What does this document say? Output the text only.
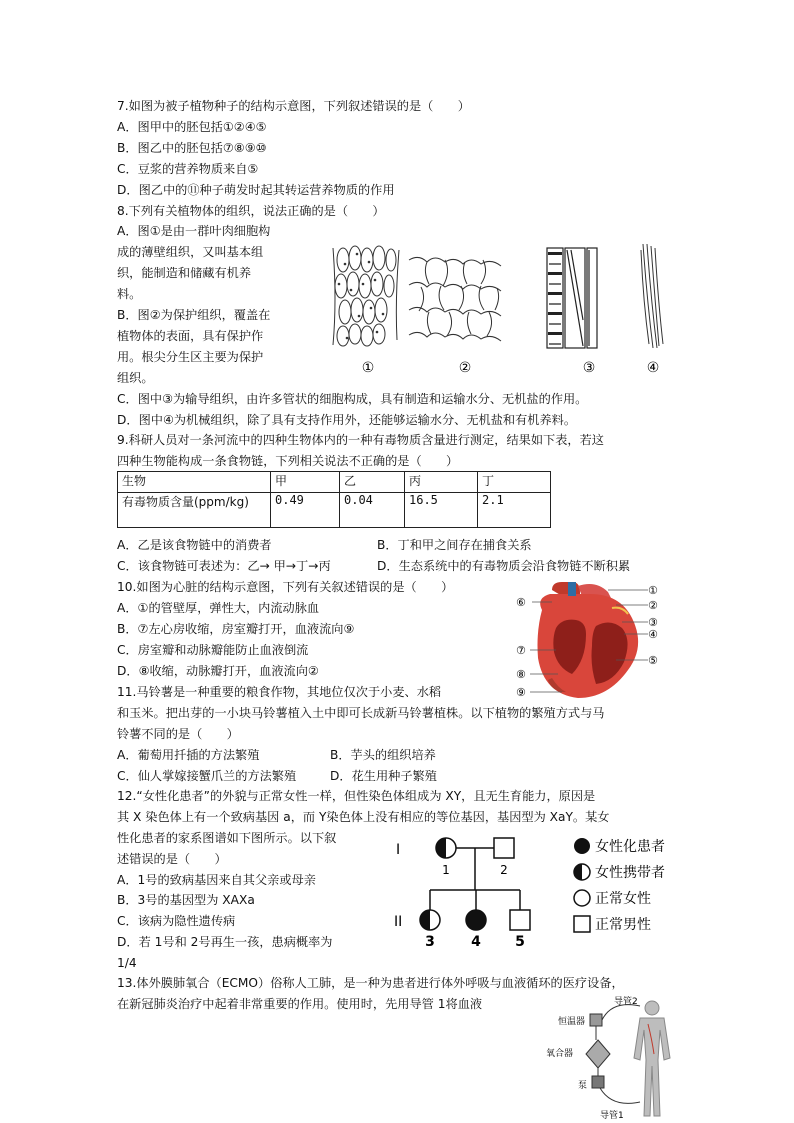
7.如图为被子植物种子的结构示意图，下列叙述错误的是（　　）
A．图甲中的胚包括①②④⑤
B．图乙中的胚包括⑦⑧⑨⑩
C．豆浆的营养物质来自⑤
D．图乙中的⑪种子萌发时起其转运营养物质的作用
8.下列有关植物体的组织，说法正确的是（　　）
A．图①是由一群叶肉细胞构
成的薄壁组织，又叫基本组
织，能制造和储藏有机养
料。
B．图②为保护组织，覆盖在
植物体的表面，具有保护作
用。根尖分生区主要为保护
组织。
①	②	③	④
C．图中③为输导组织，由许多管状的细胞构成，具有制造和运输水分、无机盐的作用。
D．图中④为机械组织，除了具有支持作用外，还能够运输水分、无机盐和有机养料。
9.科研人员对一条河流中的四种生物体内的一种有毒物质含量进行测定，结果如下表，若这
四种生物能构成一条食物链，下列相关说法不正确的是（　　）
生物	甲	乙	丙	丁
有毒物质含量(ppm/kg)	0.49	0.04	16.5	2.1
A．乙是该食物链中的消费者	B．丁和甲之间存在捕食关系
C．该食物链可表述为：乙→ 甲→丁→丙	D．生态系统中的有毒物质会沿食物链不断积累
10.如图为心脏的结构示意图，下列有关叙述错误的是（　　）
A．①的管壁厚，弹性大，内流动脉血
B．⑦左心房收缩，房室瓣打开，血液流向⑨
C．房室瓣和动脉瓣能防止血液倒流
D．⑧收缩，动脉瓣打开，血液流向②
①
②
③
④
⑤
⑥
⑦
⑧
⑨
11.马铃薯是一种重要的粮食作物，其地位仅次于小麦、水稻
和玉米。把出芽的一小块马铃薯植入土中即可长成新马铃薯植株。以下植物的繁殖方式与马
铃薯不同的是（　　）
A．葡萄用扦插的方法繁殖	B．芋头的组织培养
C．仙人掌嫁接蟹爪兰的方法繁殖	D．花生用种子繁殖
12.“女性化患者”的外貌与正常女性一样，但性染色体组成为 XY，且无生育能力，原因是
其 X 染色体上有一个致病基因 a，而 Y染色体上没有相应的等位基因，基因型为 XaY。某女
性化患者的家系图谱如下图所示。以下叙
述错误的是（　　）
A．1号的致病基因来自其父亲或母亲
B．3号的基因型为 XAXa
C．该病为隐性遗传病
D．若 1号和 2号再生一孩，患病概率为
1/4
I
II
1	2
3	4 5
女性化患者
女性携带者
正常女性
正常男性
13.体外膜肺氧合（ECMO）俗称人工肺，是一种为患者进行体外呼吸与血液循环的医疗设备，
在新冠肺炎治疗中起着非常重要的作用。使用时，先用导管 1将血液	导管2
恒温器
氧合器
泵
导管1
